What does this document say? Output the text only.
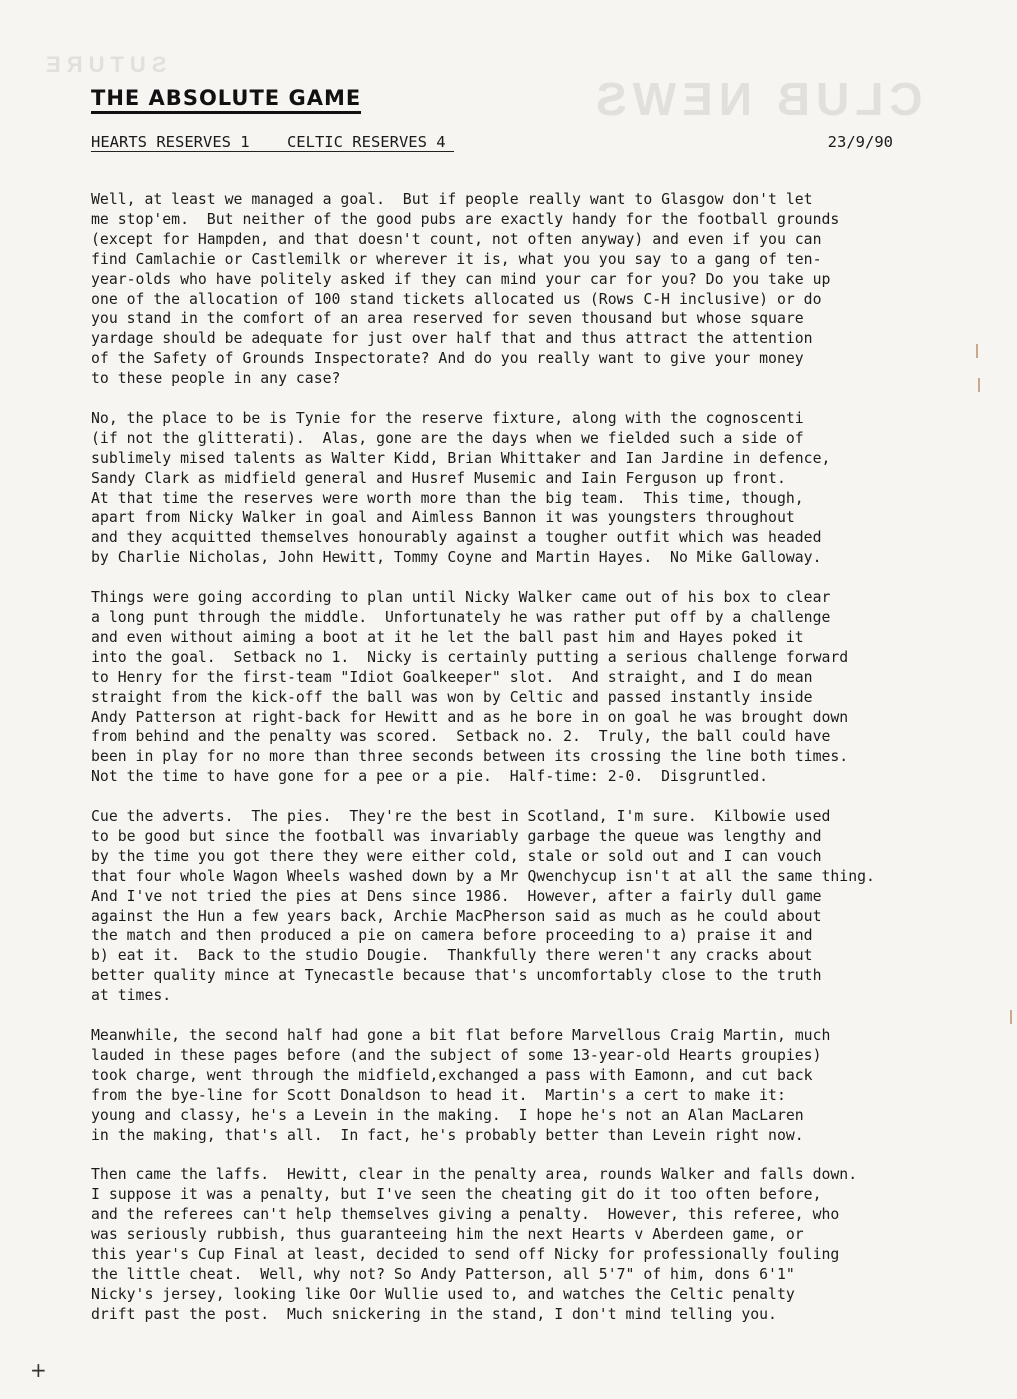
CLUB NEWS
SUTURE
THE ABSOLUTE GAME
HEARTS RESERVES 1    CELTIC RESERVES 4	23/9/90

Well, at least we managed a goal.  But if people really want to Glasgow don't let
me stop'em.  But neither of the good pubs are exactly handy for the football grounds
(except for Hampden, and that doesn't count, not often anyway) and even if you can
find Camlachie or Castlemilk or wherever it is, what you you say to a gang of ten-
year-olds who have politely asked if they can mind your car for you? Do you take up
one of the allocation of 100 stand tickets allocated us (Rows C-H inclusive) or do
you stand in the comfort of an area reserved for seven thousand but whose square
yardage should be adequate for just over half that and thus attract the attention
of the Safety of Grounds Inspectorate? And do you really want to give your money
to these people in any case?

No, the place to be is Tynie for the reserve fixture, along with the cognoscenti
(if not the glitterati).  Alas, gone are the days when we fielded such a side of
sublimely mised talents as Walter Kidd, Brian Whittaker and Ian Jardine in defence,
Sandy Clark as midfield general and Husref Musemic and Iain Ferguson up front.
At that time the reserves were worth more than the big team.  This time, though,
apart from Nicky Walker in goal and Aimless Bannon it was youngsters throughout
and they acquitted themselves honourably against a tougher outfit which was headed
by Charlie Nicholas, John Hewitt, Tommy Coyne and Martin Hayes.  No Mike Galloway.

Things were going according to plan until Nicky Walker came out of his box to clear
a long punt through the middle.  Unfortunately he was rather put off by a challenge
and even without aiming a boot at it he let the ball past him and Hayes poked it
into the goal.  Setback no 1.  Nicky is certainly putting a serious challenge forward
to Henry for the first-team "Idiot Goalkeeper" slot.  And straight, and I do mean
straight from the kick-off the ball was won by Celtic and passed instantly inside
Andy Patterson at right-back for Hewitt and as he bore in on goal he was brought down
from behind and the penalty was scored.  Setback no. 2.  Truly, the ball could have
been in play for no more than three seconds between its crossing the line both times.
Not the time to have gone for a pee or a pie.  Half-time: 2-0.  Disgruntled.

Cue the adverts.  The pies.  They're the best in Scotland, I'm sure.  Kilbowie used
to be good but since the football was invariably garbage the queue was lengthy and
by the time you got there they were either cold, stale or sold out and I can vouch
that four whole Wagon Wheels washed down by a Mr Qwenchycup isn't at all the same thing.
And I've not tried the pies at Dens since 1986.  However, after a fairly dull game
against the Hun a few years back, Archie MacPherson said as much as he could about
the match and then produced a pie on camera before proceeding to a) praise it and
b) eat it.  Back to the studio Dougie.  Thankfully there weren't any cracks about
better quality mince at Tynecastle because that's uncomfortably close to the truth
at times.

Meanwhile, the second half had gone a bit flat before Marvellous Craig Martin, much
lauded in these pages before (and the subject of some 13-year-old Hearts groupies)
took charge, went through the midfield,exchanged a pass with Eamonn, and cut back
from the bye-line for Scott Donaldson to head it.  Martin's a cert to make it:
young and classy, he's a Levein in the making.  I hope he's not an Alan MacLaren
in the making, that's all.  In fact, he's probably better than Levein right now.

Then came the laffs.  Hewitt, clear in the penalty area, rounds Walker and falls down.
I suppose it was a penalty, but I've seen the cheating git do it too often before,
and the referees can't help themselves giving a penalty.  However, this referee, who
was seriously rubbish, thus guaranteeing him the next Hearts v Aberdeen game, or
this year's Cup Final at least, decided to send off Nicky for professionally fouling
the little cheat.  Well, why not? So Andy Patterson, all 5'7" of him, dons 6'1"
Nicky's jersey, looking like Oor Wullie used to, and watches the Celtic penalty
drift past the post.  Much snickering in the stand, I don't mind telling you.

+
